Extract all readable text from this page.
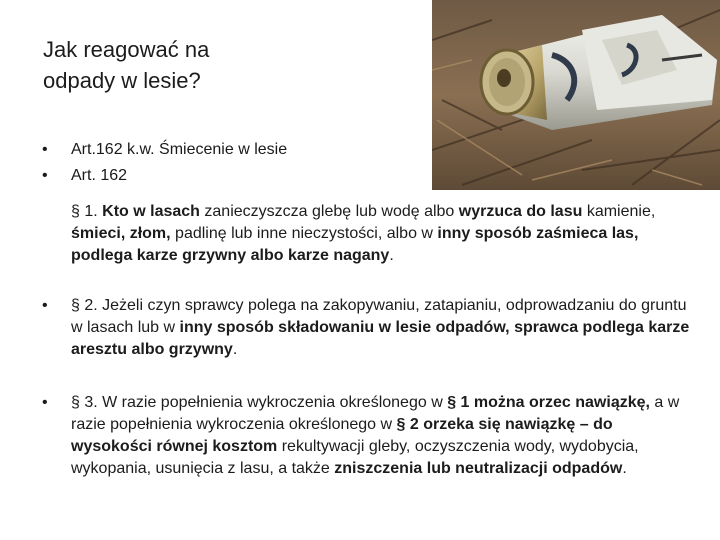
Jak reagować na
odpady w lesie?
• Art.162 k.w. Śmiecenie w lesie
• Art. 162
§ 1. Kto w lasach zanieczyszcza glebę lub wodę albo wyrzuca do lasu kamienie, śmieci, złom, padlinę lub inne nieczystości, albo w inny sposób zaśmieca las, podlega karze grzywny albo karze nagany.
• § 2. Jeżeli czyn sprawcy polega na zakopywaniu, zatapianiu, odprowadzaniu do gruntu w lasach lub w inny sposób składowaniu w lesie odpadów, sprawca podlega karze aresztu albo grzywny.
• § 3. W razie popełnienia wykroczenia określonego w § 1 można orzec nawiązkę, a w razie popełnienia wykroczenia określonego w § 2 orzeka się nawiązkę – do wysokości równej kosztom rekultywacji gleby, oczyszczenia wody, wydobycia, wykopania, usunięcia z lasu, a także zniszczenia lub neutralizacji odpadów.
